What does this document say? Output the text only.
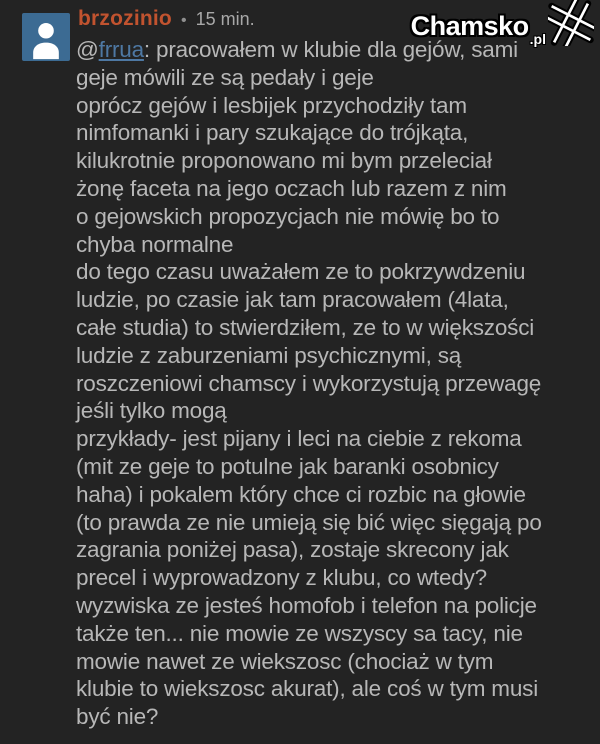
brzozinio • 15 min.	Chamsko .pl
@frrua: pracowałem w klubie dla gejów, sami
geje mówili ze są pedały i geje
oprócz gejów i lesbijek przychodziły tam
nimfomanki i pary szukające do trójkąta,
kilukrotnie proponowano mi bym przeleciał
żonę faceta na jego oczach lub razem z nim
o gejowskich propozycjach nie mówię bo to
chyba normalne
do tego czasu uważałem ze to pokrzywdzeniu
ludzie, po czasie jak tam pracowałem (4lata,
całe studia) to stwierdziłem, ze to w większości
ludzie z zaburzeniami psychicznymi, są
roszczeniowi chamscy i wykorzystują przewagę
jeśli tylko mogą
przykłady- jest pijany i leci na ciebie z rekoma
(mit ze geje to potulne jak baranki osobnicy
haha) i pokalem który chce ci rozbic na głowie
(to prawda ze nie umieją się bić więc sięgają po
zagrania poniżej pasa), zostaje skrecony jak
precel i wyprowadzony z klubu, co wtedy?
wyzwiska ze jesteś homofob i telefon na policje
także ten... nie mowie ze wszyscy sa tacy, nie
mowie nawet ze wiekszosc (chociaż w tym
klubie to wiekszosc akurat), ale coś w tym musi
być nie?
